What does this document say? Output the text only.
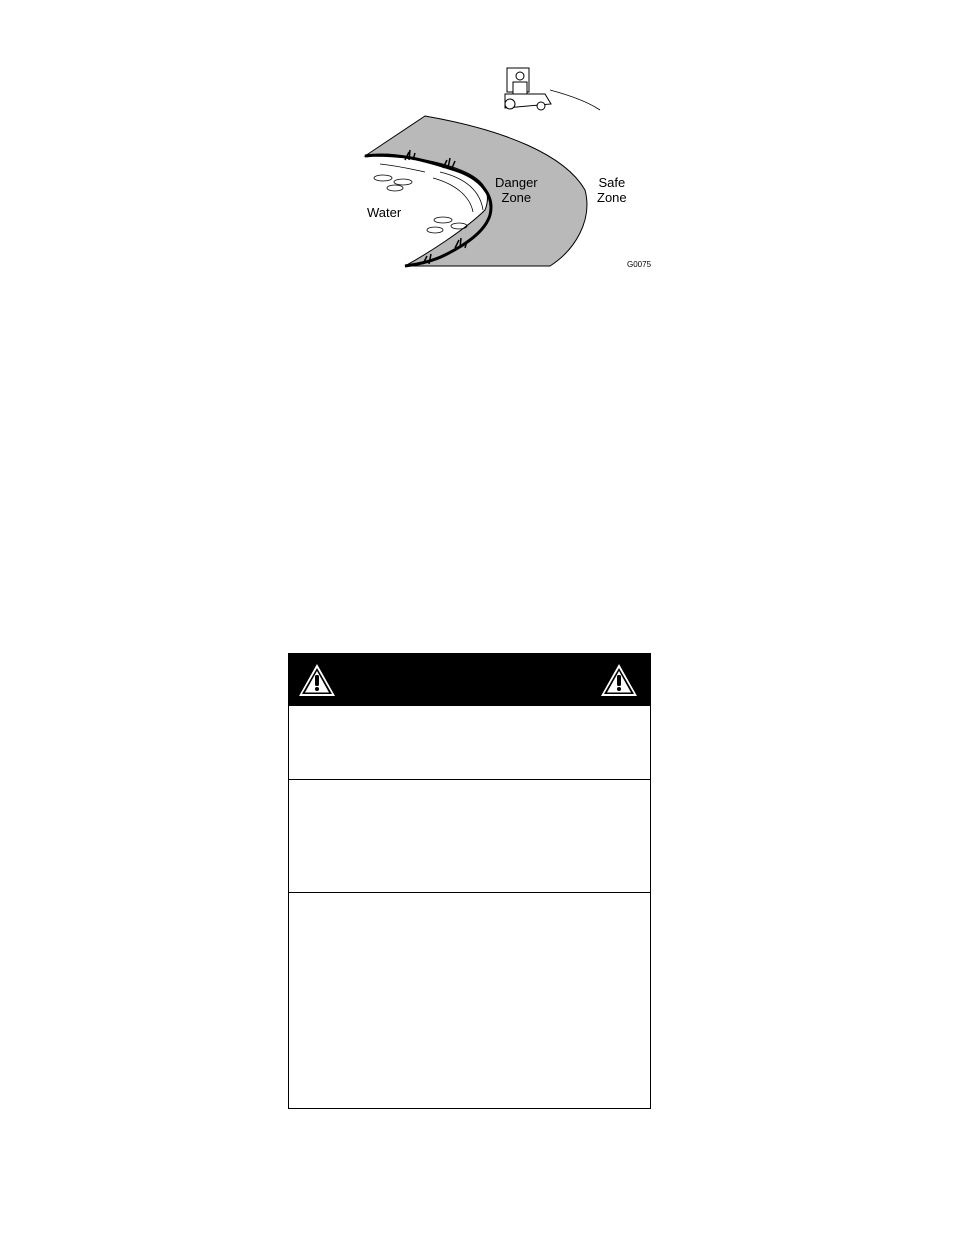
Water
Danger
Zone
Safe
Zone
G0075
